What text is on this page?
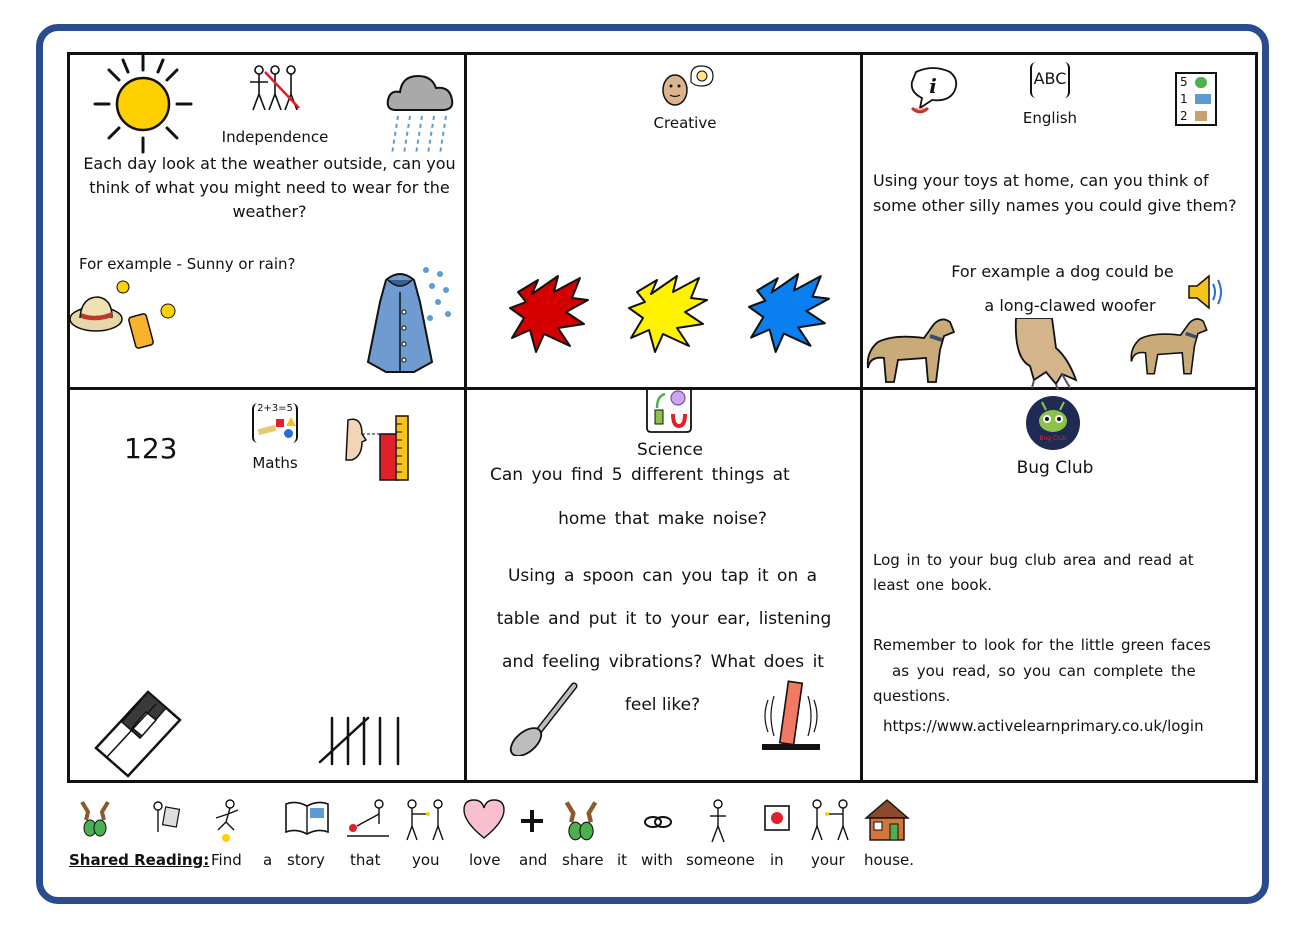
Independence
Each day look at the weather outside, can you think of what you might need to wear for the weather?
For example - Sunny or rain?
Creative
i	ABC
English
5
1
2
Using your toys at home, can you think of some other silly names you could give them?
For example a dog could be
a long-clawed woofer
123
2+3=5
Maths
Science
Can you find 5 different things at
home that make noise?
Using a spoon can you tap it on a
table and put it to your ear, listening
and feeling vibrations? What does it
feel like?
Bug Club
Bug Club
Log in to your bug club area and read at least one book.
Remember to look for the little green faces
as you read, so you can complete the
questions.
https://www.activelearnprimary.co.uk/login
Shared Reading: Find a story that you love and share it with someone in your house.
